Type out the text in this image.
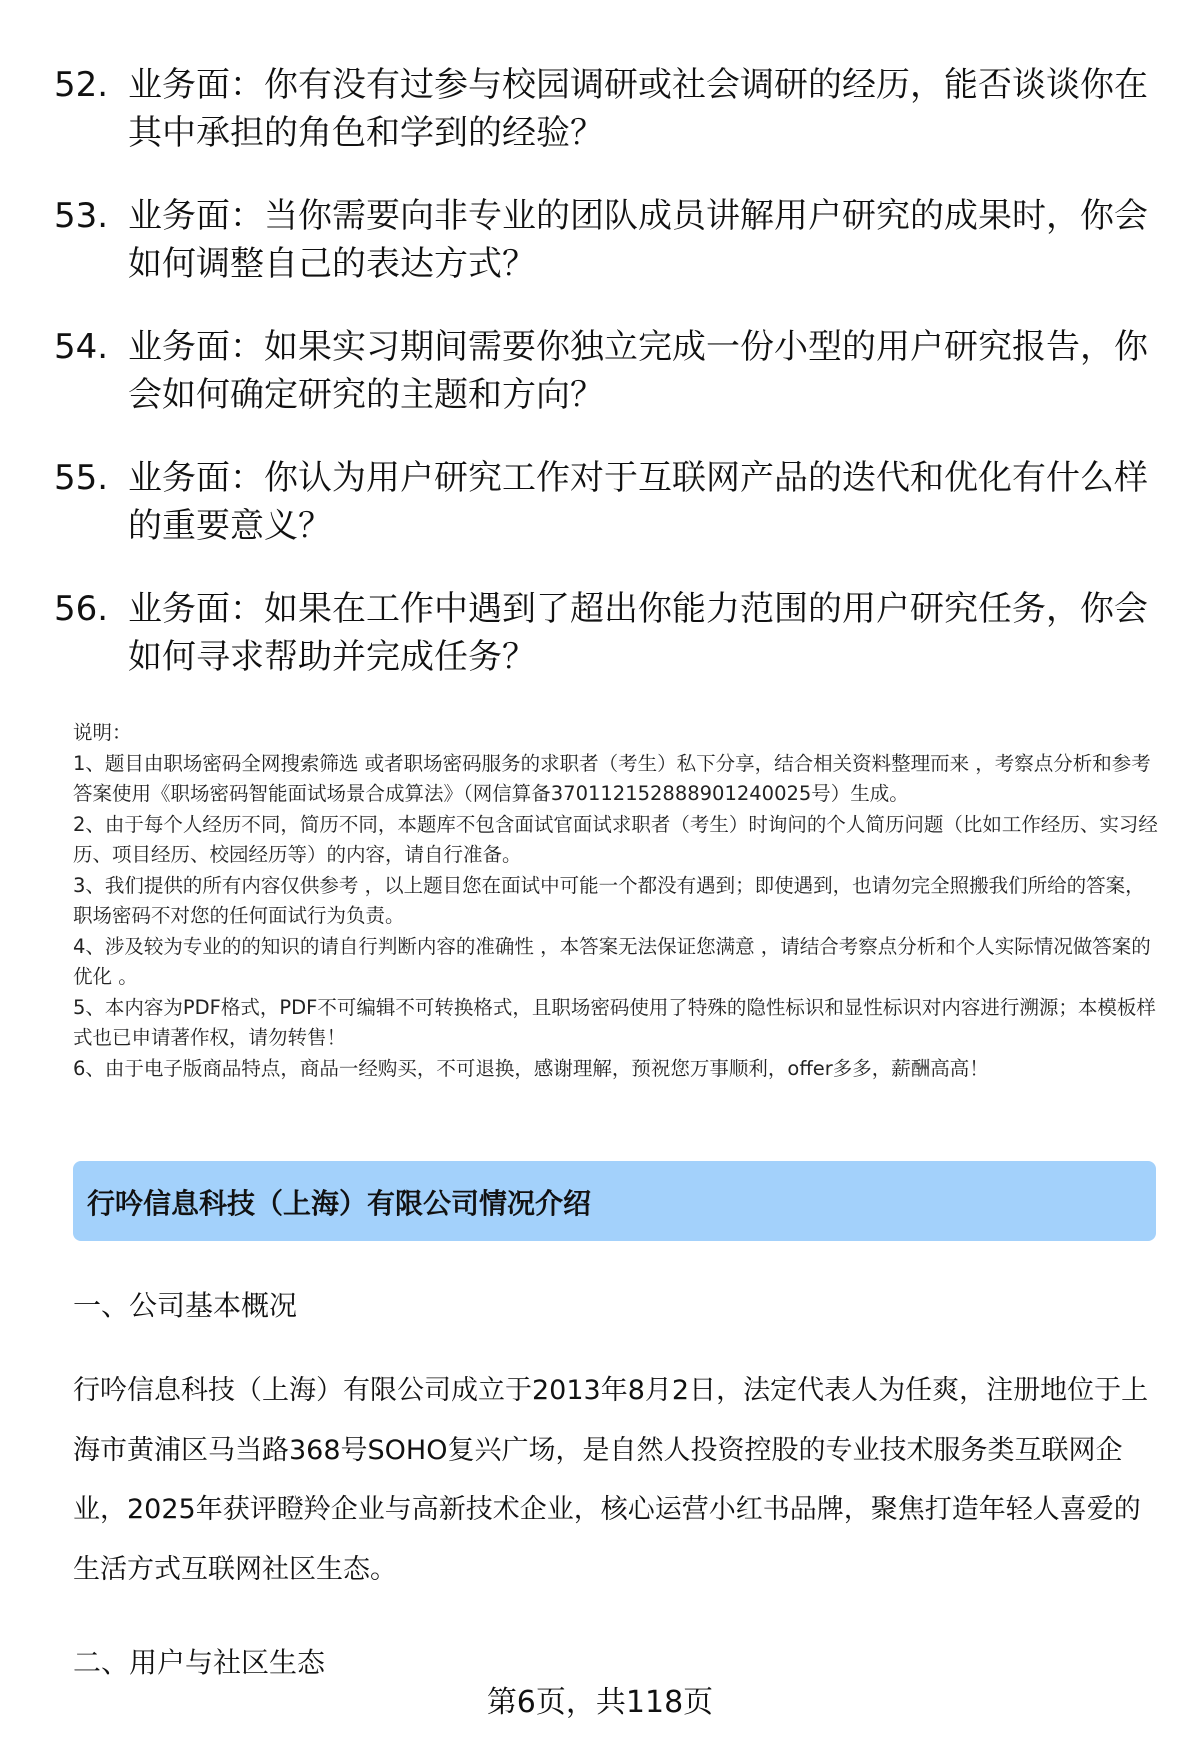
52. 业务面：你有没有过参与校园调研或社会调研的经历，能否谈谈你在其中承担的角色和学到的经验？
53. 业务面：当你需要向非专业的团队成员讲解用户研究的成果时，你会如何调整自己的表达方式？
54. 业务面：如果实习期间需要你独立完成一份小型的用户研究报告，你会如何确定研究的主题和方向？
55. 业务面：你认为用户研究工作对于互联网产品的迭代和优化有什么样的重要意义？
56. 业务面：如果在工作中遇到了超出你能力范围的用户研究任务，你会如何寻求帮助并完成任务？
说明：
1、题目由职场密码全网搜索筛选 或者职场密码服务的求职者（考生）私下分享，结合相关资料整理而来 ，考察点分析和参考答案使用《职场密码智能面试场景合成算法》（网信算备370112152888901240025号）生成。
2、由于每个人经历不同，简历不同，本题库不包含面试官面试求职者（考生）时询问的个人简历问题（比如工作经历、实习经历、项目经历、校园经历等）的内容，请自行准备。
3、我们提供的所有内容仅供参考 ，以上题目您在面试中可能一个都没有遇到；即使遇到，也请勿完全照搬我们所给的答案，职场密码不对您的任何面试行为负责。
4、涉及较为专业的的知识的请自行判断内容的准确性 ，本答案无法保证您满意 ，请结合考察点分析和个人实际情况做答案的优化 。
5、本内容为PDF格式，PDF不可编辑不可转换格式，且职场密码使用了特殊的隐性标识和显性标识对内容进行溯源；本模板样式也已申请著作权，请勿转售！
6、由于电子版商品特点，商品一经购买，不可退换，感谢理解，预祝您万事顺利，offer多多，薪酬高高！
行吟信息科技（上海）有限公司情况介绍
一、公司基本概况
行吟信息科技（上海）有限公司成立于2013年8月2日，法定代表人为任爽，注册地位于上海市黄浦区马当路368号SOHO复兴广场，是自然人投资控股的专业技术服务类互联网企业，2025年获评瞪羚企业与高新技术企业，核心运营小红书品牌，聚焦打造年轻人喜爱的生活方式互联网社区生态。
二、用户与社区生态
第6页，共118页
